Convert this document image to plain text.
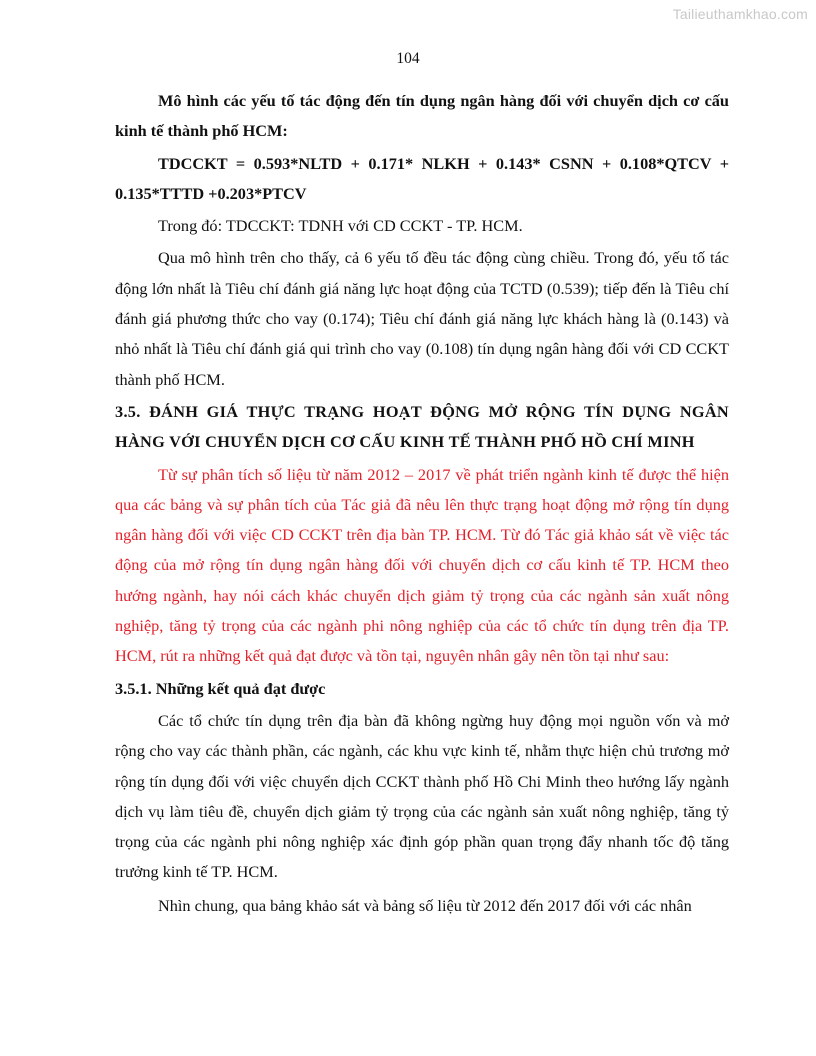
Tailieuthamkhao.com
104

Mô hình các yếu tố tác động đến tín dụng ngân hàng đối với chuyển dịch cơ cấu kinh tế thành phố HCM:

TDCCKT = 0.593*NLTD + 0.171* NLKH + 0.143* CSNN + 0.108*QTCV + 0.135*TTTD +0.203*PTCV

Trong đó: TDCCKT: TDNH với CD CCKT - TP. HCM.

Qua mô hình trên cho thấy, cả 6 yếu tố đều tác động cùng chiều. Trong đó, yếu tố tác động lớn nhất là Tiêu chí đánh giá năng lực hoạt động của TCTD (0.539); tiếp đến là Tiêu chí đánh giá phương thức cho vay (0.174); Tiêu chí đánh giá năng lực khách hàng là (0.143) và nhỏ nhất là Tiêu chí đánh giá qui trình cho vay (0.108) tín dụng ngân hàng đối với CD CCKT thành phố HCM.

3.5. ĐÁNH GIÁ THỰC TRẠNG HOẠT ĐỘNG MỞ RỘNG TÍN DỤNG NGÂN HÀNG VỚI CHUYỂN DỊCH CƠ CẤU KINH TẾ THÀNH PHỐ HỒ CHÍ MINH

Từ sự phân tích số liệu từ năm 2012 – 2017 về phát triển ngành kinh tế được thể hiện qua các bảng và sự phân tích của Tác giả đã nêu lên thực trạng hoạt động mở rộng tín dụng ngân hàng đối với việc CD CCKT trên địa bàn TP. HCM. Từ đó Tác giả khảo sát về việc tác động của mở rộng tín dụng ngân hàng đối với chuyển dịch cơ cấu kinh tế TP. HCM theo hướng ngành, hay nói cách khác chuyển dịch giảm tỷ trọng của các ngành sản xuất nông nghiệp, tăng tỷ trọng của các ngành phi nông nghiệp của các tổ chức tín dụng trên địa TP. HCM, rút ra những kết quả đạt được và tồn tại, nguyên nhân gây nên tồn tại như sau:

3.5.1. Những kết quả đạt được

Các tổ chức tín dụng trên địa bàn đã không ngừng huy động mọi nguồn vốn và mở rộng cho vay các thành phần, các ngành, các khu vực kinh tế, nhằm thực hiện chủ trương mở rộng tín dụng đối với việc chuyển dịch CCKT thành phố Hồ Chi Minh theo hướng lấy ngành dịch vụ làm tiêu đề, chuyển dịch giảm tỷ trọng của các ngành sản xuất nông nghiệp, tăng tỷ trọng của các ngành phi nông nghiệp xác định góp phần quan trọng đẩy nhanh tốc độ tăng trưởng kinh tế TP. HCM.

Nhìn chung, qua bảng khảo sát và bảng số liệu từ 2012 đến 2017 đối với các nhân
